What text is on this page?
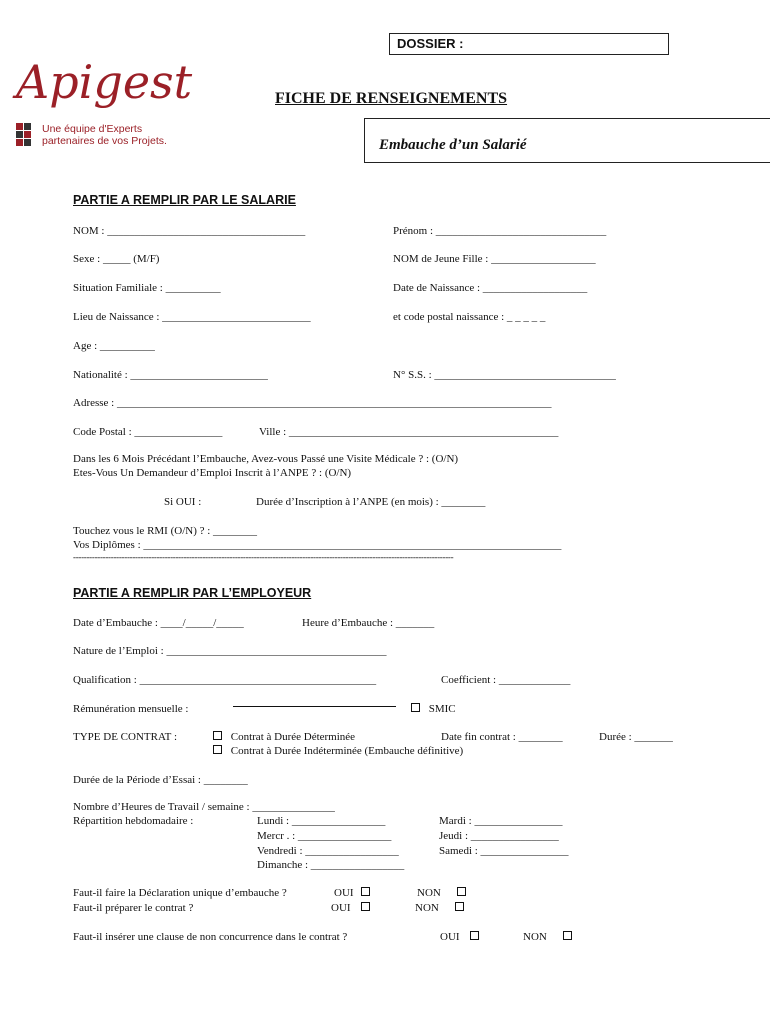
DOSSIER :
Apigest
Une équipe d'Experts
partenaires de vos Projets.
FICHE DE RENSEIGNEMENTS
Embauche d’un Salarié
PARTIE A REMPLIR PAR LE SALARIE
NOM : ____________________________________	Prénom : _______________________________
Sexe : _____ (M/F)	NOM de Jeune Fille : ___________________
Situation Familiale : __________	Date de Naissance : ___________________
Lieu de Naissance : ___________________________	et code postal naissance : _ _ _ _ _
Age : __________
Nationalité : _________________________	N° S.S. : _________________________________
Adresse : _______________________________________________________________________________
Code Postal : ________________	Ville : _________________________________________________
Dans les 6 Mois Précédant l’Embauche, Avez-vous Passé une Visite Médicale ? : (O/N)
Etes-Vous Un Demandeur d’Emploi Inscrit à l’ANPE ? : (O/N)
Si OUI :	Durée d’Inscription à l’ANPE (en mois) : ________
Touchez vous le RMI (O/N) ? : ________
Vos Diplômes : ____________________________________________________________________________
---------------------------------------------------------------------------------------------------------------------------------------------
PARTIE A REMPLIR PAR L’EMPLOYEUR
Date d’Embauche : ____/_____/_____	Heure d’Embauche : _______
Nature de l’Emploi : ________________________________________
Qualification : ___________________________________________	Coefficient : _____________
Rémunération mensuelle :	SMIC
TYPE DE CONTRAT :	Contrat à Durée Déterminée	Date fin contrat : ________	Durée : _______
Contrat à Durée Indéterminée (Embauche définitive)
Durée de la Période d’Essai : ________
Nombre d’Heures de Travail / semaine : _______________
Répartition hebdomadaire :	Lundi : _________________	Mardi : ________________
Mercr . : _________________	Jeudi : ________________
Vendredi : _________________	Samedi : ________________
Dimanche : _________________
Faut-il faire la Déclaration unique d’embauche ?	OUI	NON
Faut-il préparer le contrat ?	OUI	NON
Faut-il insérer une clause de non concurrence dans le contrat ?	OUI	NON
